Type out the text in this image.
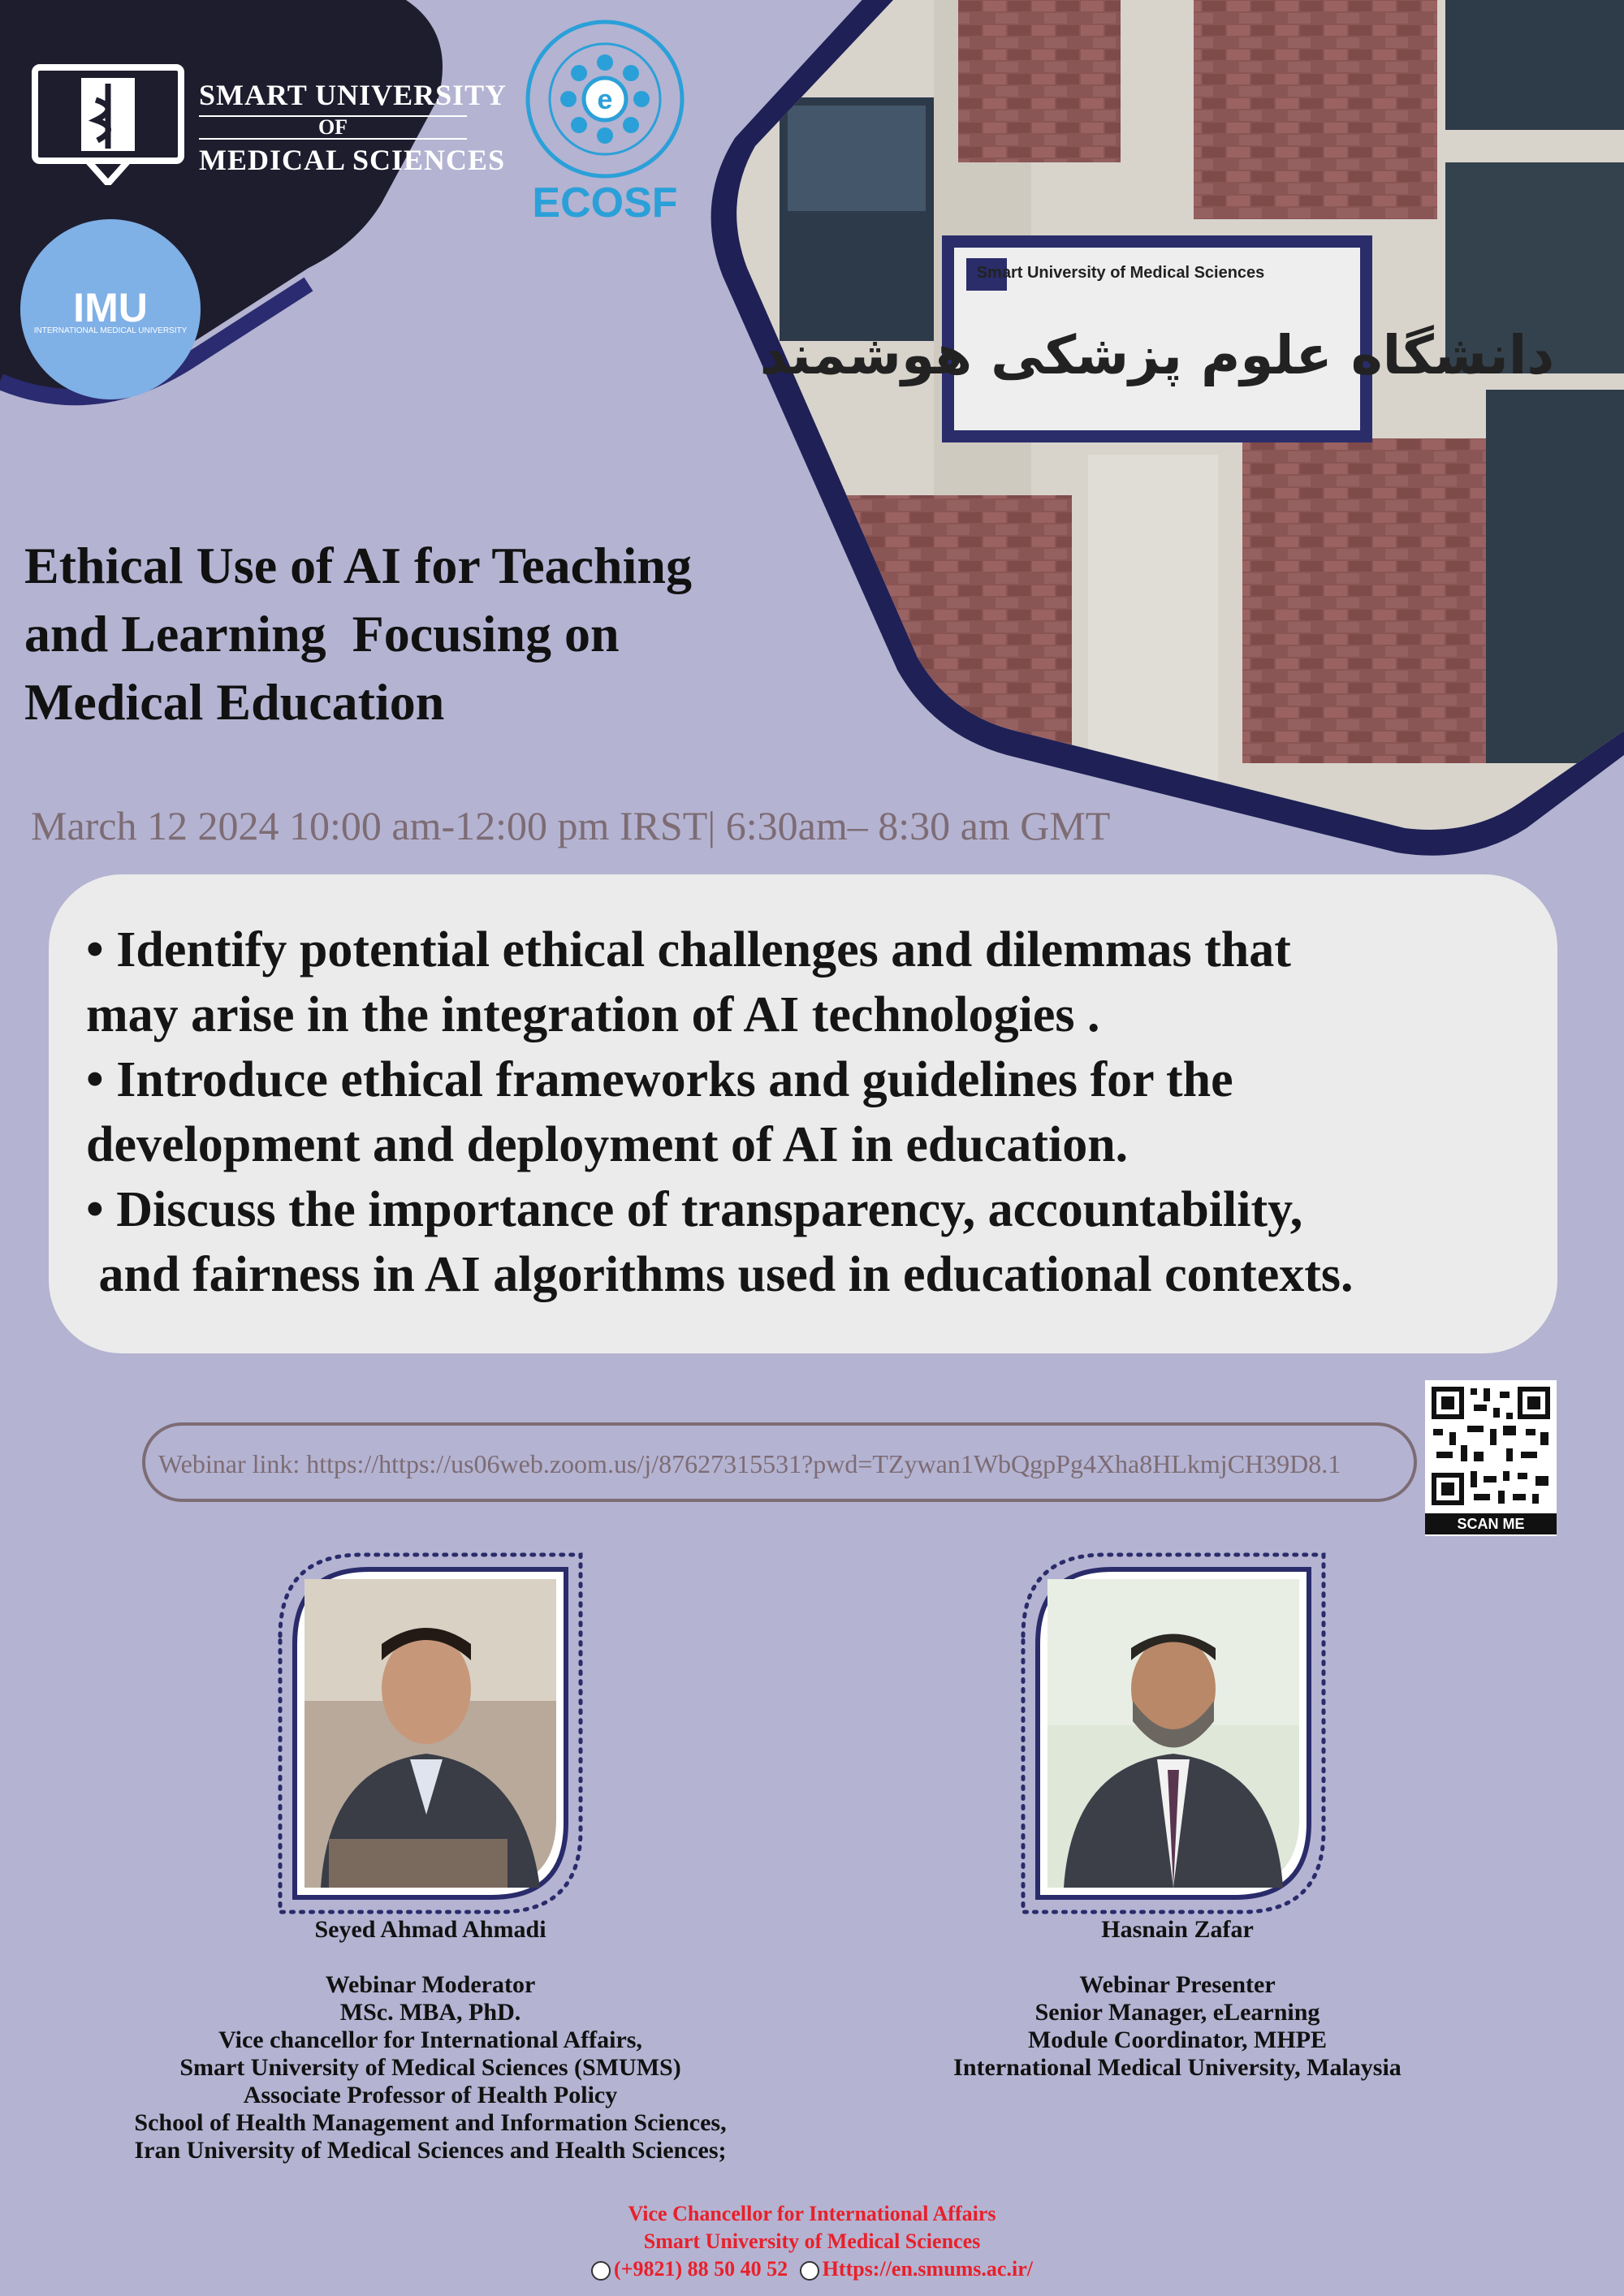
SMART UNIVERSITY
OF
MEDICAL SCIENCES
e
ECOSF
IMU
INTERNATIONAL MEDICAL UNIVERSITY
Smart University of Medical Sciences
دانشگاه علوم پزشکی هوشمند
Ethical Use of AI for Teaching
and Learning  Focusing on
Medical Education
March 12 2024 10:00 am-12:00 pm IRST| 6:30am– 8:30 am GMT
• Identify potential ethical challenges and dilemmas that
may arise in the integration of AI technologies .
• Introduce ethical frameworks and guidelines for the
development and deployment of AI in education.
• Discuss the importance of transparency, accountability,
and fairness in AI algorithms used in educational contexts.
Webinar link: https://https://us06web.zoom.us/j/87627315531?pwd=TZywan1WbQgpPg4Xha8HLkmjCH39D8.1
SCAN ME
Seyed Ahmad Ahmadi
Webinar Moderator
MSc. MBA, PhD.
Vice chancellor for International Affairs,
Smart University of Medical Sciences (SMUMS)
Associate Professor of Health Policy
School of Health Management and Information Sciences,
Iran University of Medical Sciences and Health Sciences;
Hasnain Zafar
Webinar Presenter
Senior Manager, eLearning
Module Coordinator, MHPE
International Medical University, Malaysia
Vice Chancellor for International Affairs
Smart University of Medical Sciences
(+9821) 88 50 40 52 Https://en.smums.ac.ir/
